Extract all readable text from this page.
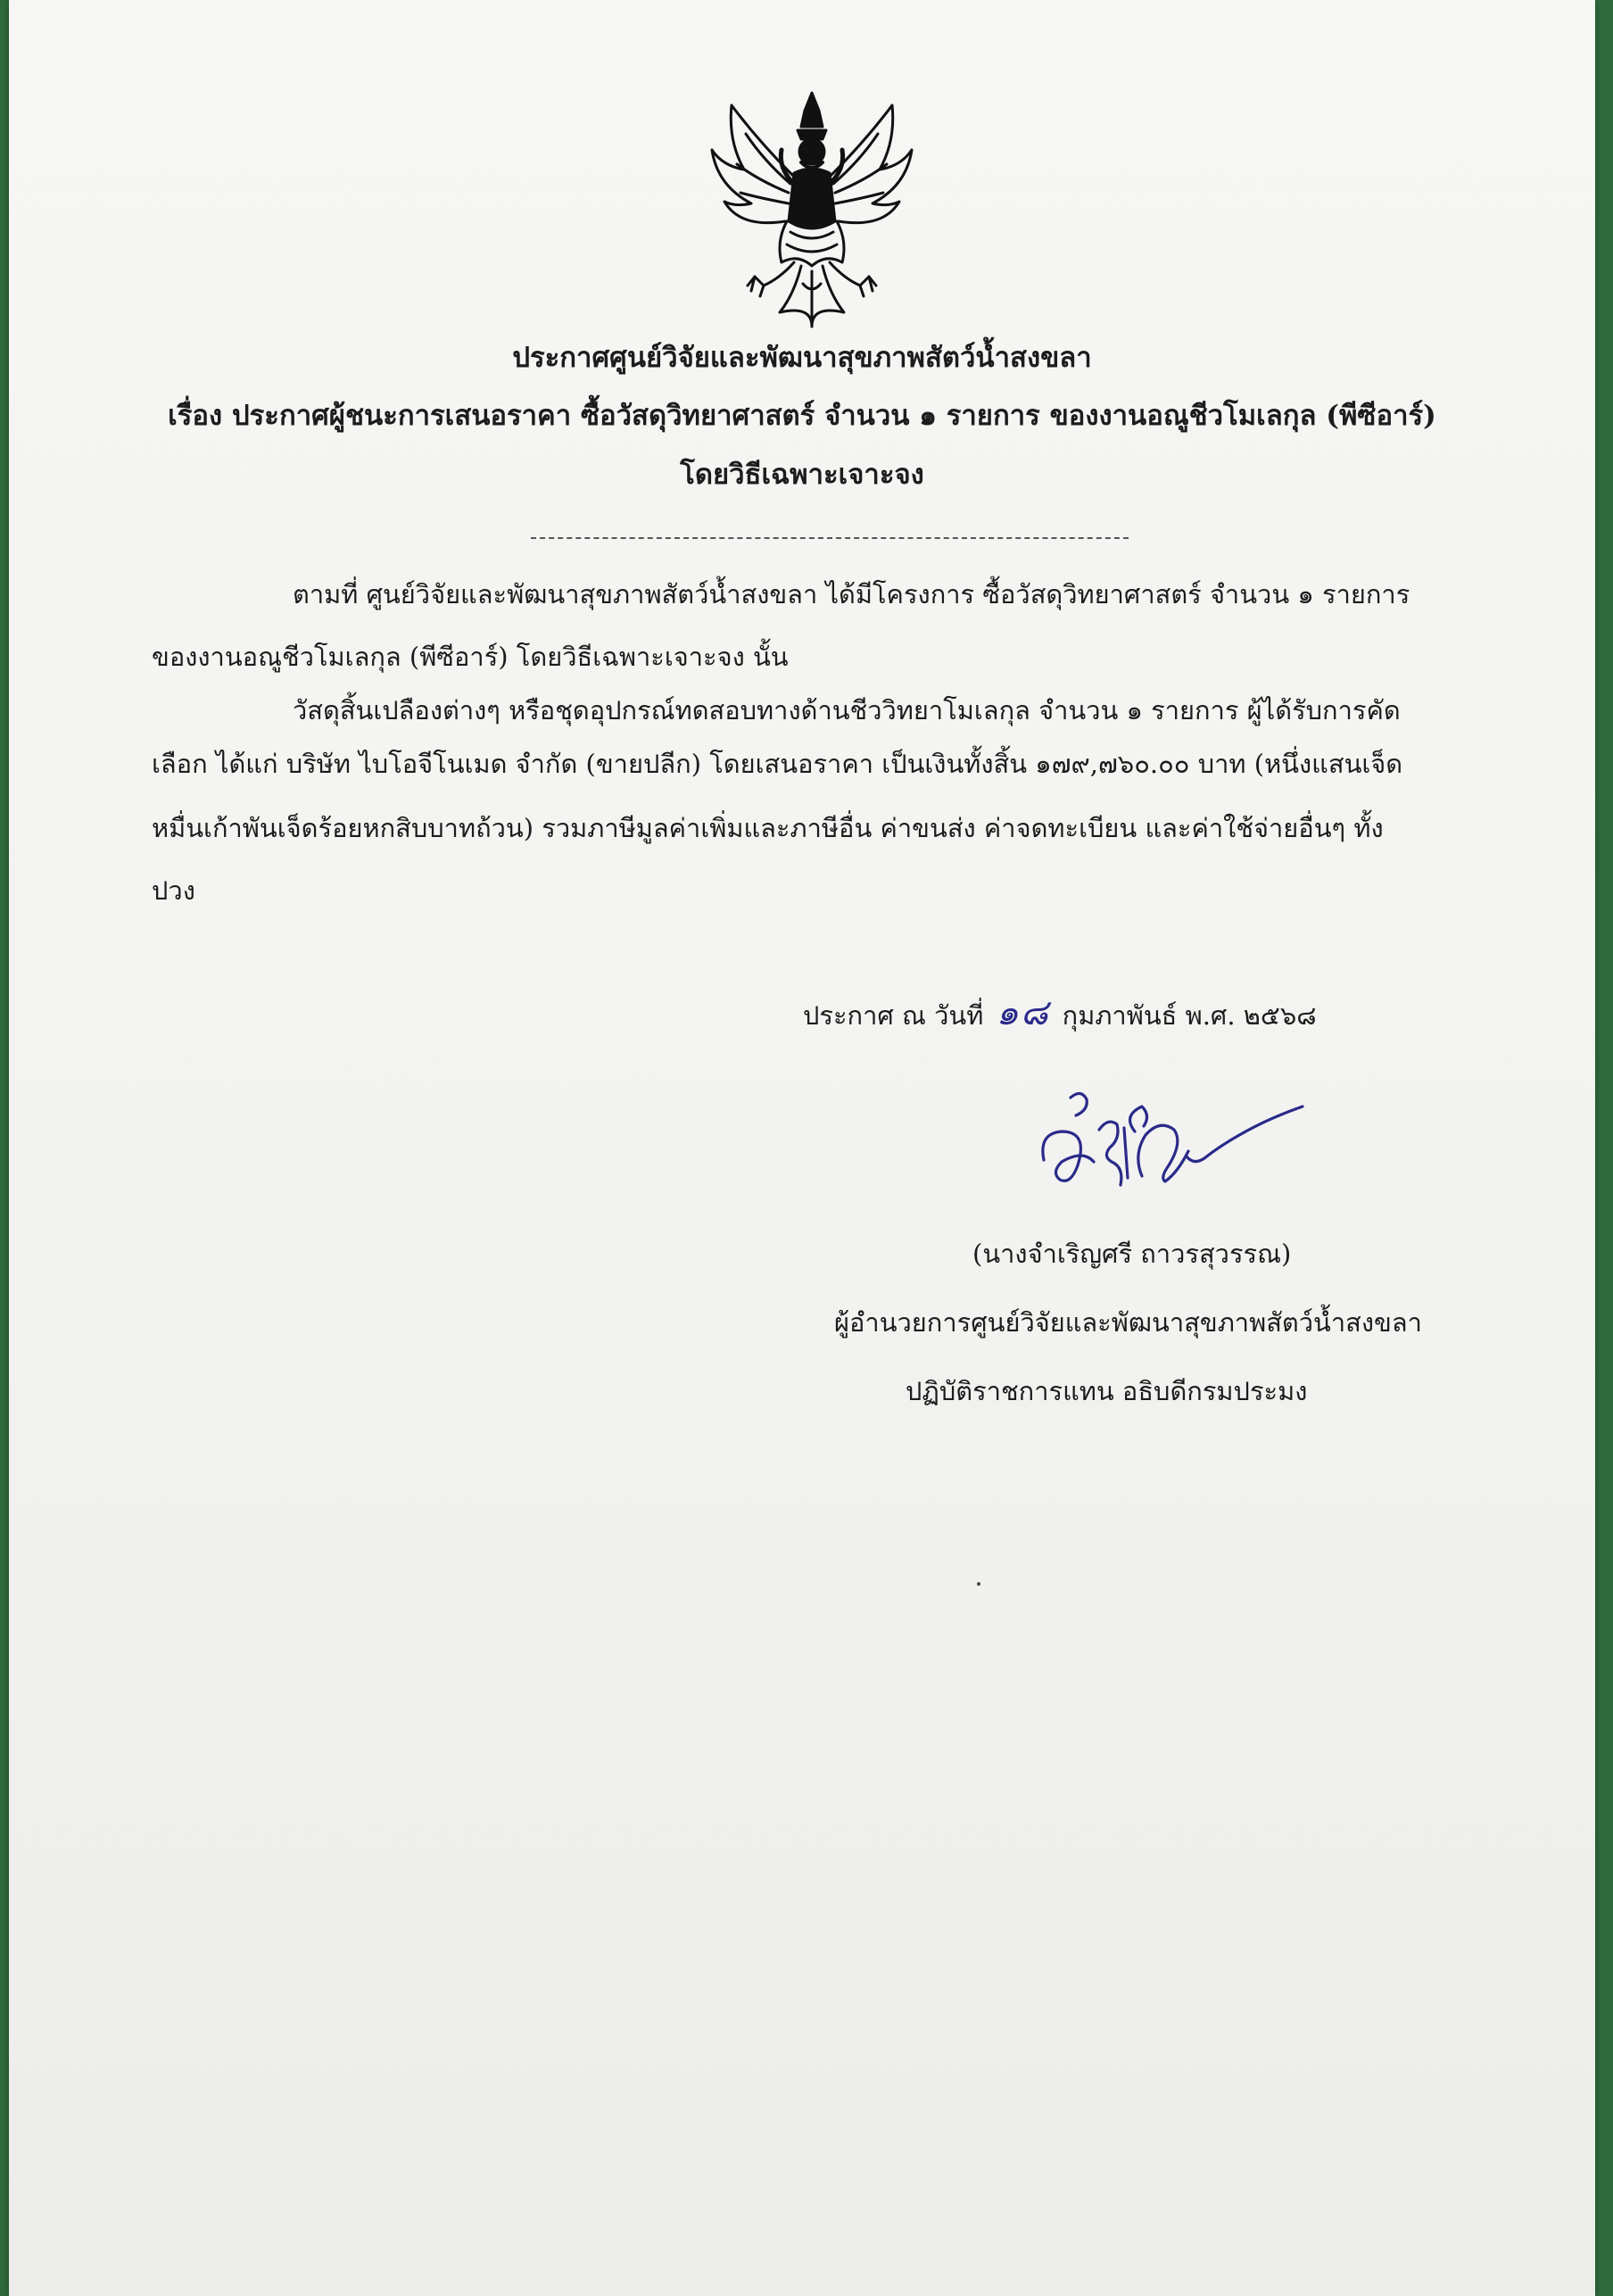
ประกาศศูนย์วิจัยและพัฒนาสุขภาพสัตว์น้ำสงขลา
เรื่อง ประกาศผู้ชนะการเสนอราคา ซื้อวัสดุวิทยาศาสตร์ จำนวน ๑ รายการ ของงานอณูชีวโมเลกุล (พีซีอาร์)
โดยวิธีเฉพาะเจาะจง
ตามที่ ศูนย์วิจัยและพัฒนาสุขภาพสัตว์น้ำสงขลา ได้มีโครงการ ซื้อวัสดุวิทยาศาสตร์ จำนวน ๑ รายการ
ของงานอณูชีวโมเลกุล (พีซีอาร์) โดยวิธีเฉพาะเจาะจง นั้น
วัสดุสิ้นเปลืองต่างๆ หรือชุดอุปกรณ์ทดสอบทางด้านชีววิทยาโมเลกุล จำนวน ๑ รายการ ผู้ได้รับการคัด
เลือก ได้แก่ บริษัท ไบโอจีโนเมด จำกัด (ขายปลีก) โดยเสนอราคา เป็นเงินทั้งสิ้น ๑๗๙,๗๖๐.๐๐ บาท (หนึ่งแสนเจ็ด
หมื่นเก้าพันเจ็ดร้อยหกสิบบาทถ้วน) รวมภาษีมูลค่าเพิ่มและภาษีอื่น ค่าขนส่ง ค่าจดทะเบียน และค่าใช้จ่ายอื่นๆ ทั้ง
ปวง
ประกาศ ณ วันที่ ๑๘ กุมภาพันธ์ พ.ศ. ๒๕๖๘
(นางจำเริญศรี ถาวรสุวรรณ)
ผู้อำนวยการศูนย์วิจัยและพัฒนาสุขภาพสัตว์น้ำสงขลา
ปฏิบัติราชการแทน อธิบดีกรมประมง
